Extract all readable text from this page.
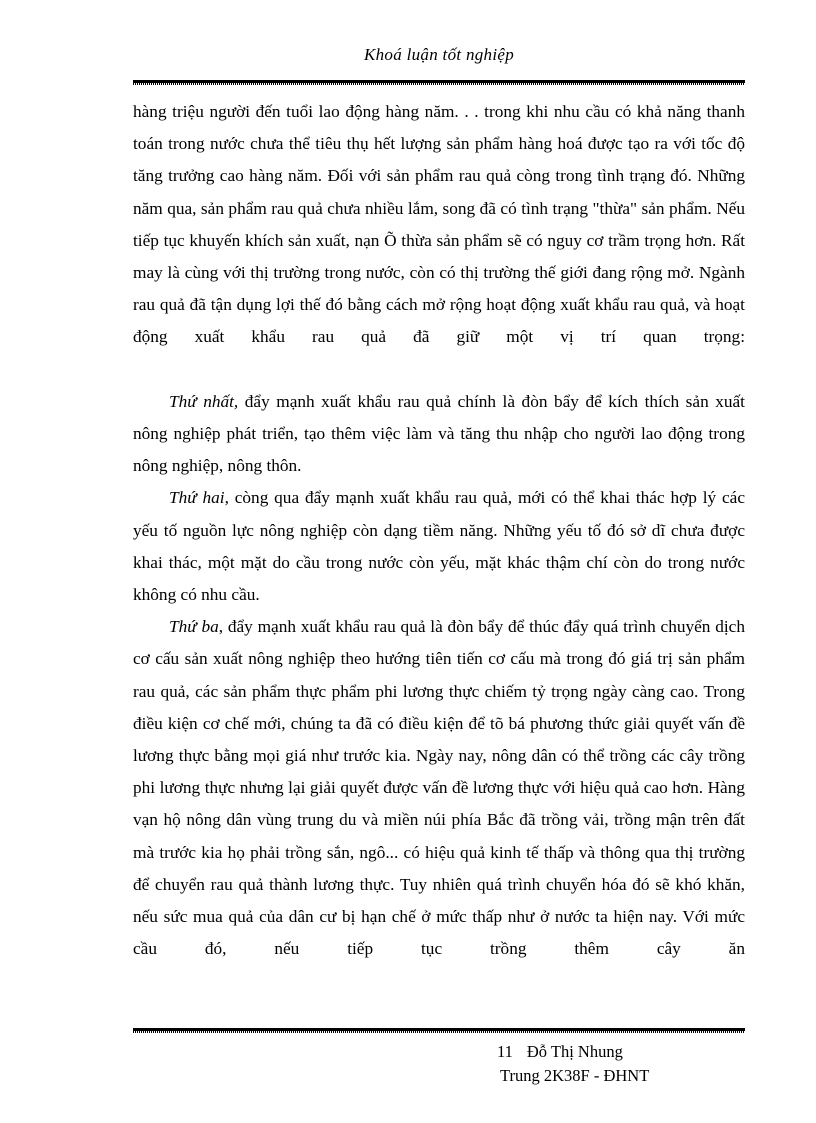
Khoá luận tốt nghiệp

hàng triệu người đến tuổi lao động hàng năm. . . trong khi nhu cầu có khả năng thanh toán trong nước chưa thể tiêu thụ hết lượng sản phẩm hàng hoá được tạo ra với tốc độ tăng trưởng cao hàng năm. Đối với sản phẩm rau quả còng trong tình trạng đó. Những năm qua, sản phẩm rau quả chưa nhiều lắm, song đã có tình trạng "thừa" sản phẩm. Nếu tiếp tục khuyến khích sản xuất, nạn Õ thừa sản phẩm sẽ có nguy cơ trầm trọng hơn. Rất may là cùng với thị trường trong nước, còn có thị trường thế giới đang rộng mở. Ngành rau quả đã tận dụng lợi thế đó bằng cách mở rộng hoạt động xuất khẩu rau quả, và hoạt động xuất khẩu rau quả đã giữ một vị trí quan trọng:

Thứ nhất, đẩy mạnh xuất khẩu rau quả chính là đòn bẩy để kích thích sản xuất nông nghiệp phát triển, tạo thêm việc làm và tăng thu nhập cho người lao động trong nông nghiệp, nông thôn.

Thứ hai, còng qua đẩy mạnh xuất khẩu rau quả, mới có thể khai thác hợp lý các yếu tố nguồn lực nông nghiệp còn dạng tiềm năng. Những yếu tố đó sở dĩ chưa được khai thác, một mặt do cầu trong nước còn yếu, mặt khác thậm chí còn do trong nước không có nhu cầu.

Thứ ba, đẩy mạnh xuất khẩu rau quả là đòn bẩy để thúc đẩy quá trình chuyển dịch cơ cấu sản xuất nông nghiệp theo hướng tiên tiến cơ cấu mà trong đó giá trị sản phẩm rau quả, các sản phẩm thực phẩm phi lương thực chiếm tỷ trọng ngày càng cao. Trong điều kiện cơ chế mới, chúng ta đã có điều kiện để tõ bá phương thức giải quyết vấn đề lương thực bằng mọi giá như trước kia. Ngày nay, nông dân có thể trồng các cây trồng phi lương thực nhưng lại giải quyết được vấn đề lương thực với hiệu quả cao hơn. Hàng vạn hộ nông dân vùng trung du và miền núi phía Bắc đã trồng vải, trồng mận trên đất mà trước kia họ phải trồng sắn, ngô... có hiệu quả kinh tế thấp và thông qua thị trường để chuyển rau quả thành lương thực. Tuy nhiên quá trình chuyển hóa đó sẽ khó khăn, nếu sức mua quả của dân cư bị hạn chế ở mức thấp như ở nước ta hiện nay. Với mức cầu đó, nếu tiếp tục trồng thêm cây ăn

11 Đỗ Thị Nhung
Trung 2K38F - ĐHNT
